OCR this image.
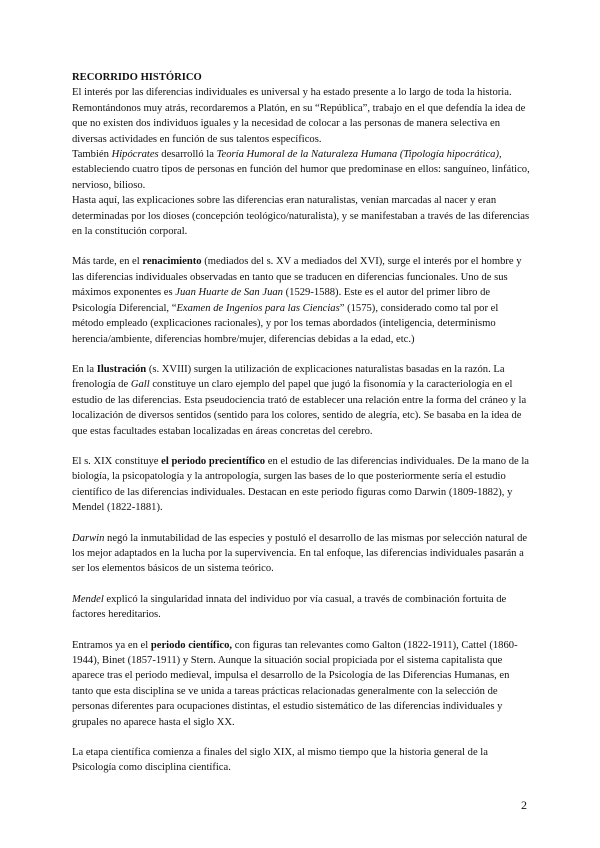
RECORRIDO HISTÓRICO

El interés por las diferencias individuales es universal y ha estado presente a lo largo de toda la historia. Remontándonos muy atrás, recordaremos a Platón, en su “República”, trabajo en el que defendía la idea de que no existen dos individuos iguales y la necesidad de colocar a las personas de manera selectiva en diversas actividades en función de sus talentos específicos.

También Hipócrates desarrolló la Teoría Humoral de la Naturaleza Humana (Tipología hipocrática), estableciendo cuatro tipos de personas en función del humor que predominase en ellos: sanguíneo, linfático, nervioso, bilioso.

Hasta aquí, las explicaciones sobre las diferencias eran naturalistas, venían marcadas al nacer y eran determinadas por los dioses (concepción teológico/naturalista), y se manifestaban a través de las diferencias en la constitución corporal.

Más tarde, en el renacimiento (mediados del s. XV a mediados del XVI), surge el interés por el hombre y las diferencias individuales observadas en tanto que se traducen en diferencias funcionales. Uno de sus máximos exponentes es Juan Huarte de San Juan (1529-1588). Este es el autor del primer libro de Psicología Diferencial, “Examen de Ingenios para las Ciencias” (1575), considerado como tal por el método empleado (explicaciones racionales), y por los temas abordados (inteligencia, determinismo herencia/ambiente, diferencias hombre/mujer, diferencias debidas a la edad, etc.)

En la Ilustración (s. XVIII) surgen la utilización de explicaciones naturalistas basadas en la razón. La frenología de Gall constituye un claro ejemplo del papel que jugó la fisonomía y la caracteriología en el estudio de las diferencias. Esta pseudociencia trató de establecer una relación entre la forma del cráneo y la localización de diversos sentidos (sentido para los colores, sentido de alegría, etc). Se basaba en la idea de que estas facultades estaban localizadas en áreas concretas del cerebro.

El s. XIX constituye el periodo precientífico en el estudio de las diferencias individuales. De la mano de la biología, la psicopatología y la antropología, surgen las bases de lo que posteriormente sería el estudio científico de las diferencias individuales. Destacan en este periodo figuras como Darwin (1809-1882), y Mendel (1822-1881).

Darwin negó la inmutabilidad de las especies y postuló el desarrollo de las mismas por selección natural de los mejor adaptados en la lucha por la supervivencia. En tal enfoque, las diferencias individuales pasarán a ser los elementos básicos de un sistema teórico.

Mendel explicó la singularidad innata del individuo por vía casual, a través de combinación fortuita de factores hereditarios.

Entramos ya en el periodo científico, con figuras tan relevantes como Galton (1822-1911), Cattel (1860-1944), Binet (1857-1911) y Stern. Aunque la situación social propiciada por el sistema capitalista que aparece tras el periodo medieval, impulsa el desarrollo de la Psicología de las Diferencias Humanas, en tanto que esta disciplina se ve unida a tareas prácticas relacionadas generalmente con la selección de personas diferentes para ocupaciones distintas, el estudio sistemático de las diferencias individuales y grupales no aparece hasta el siglo XX.

La etapa científica comienza a finales del siglo XIX, al mismo tiempo que la historia general de la Psicología como disciplina científica.

2
